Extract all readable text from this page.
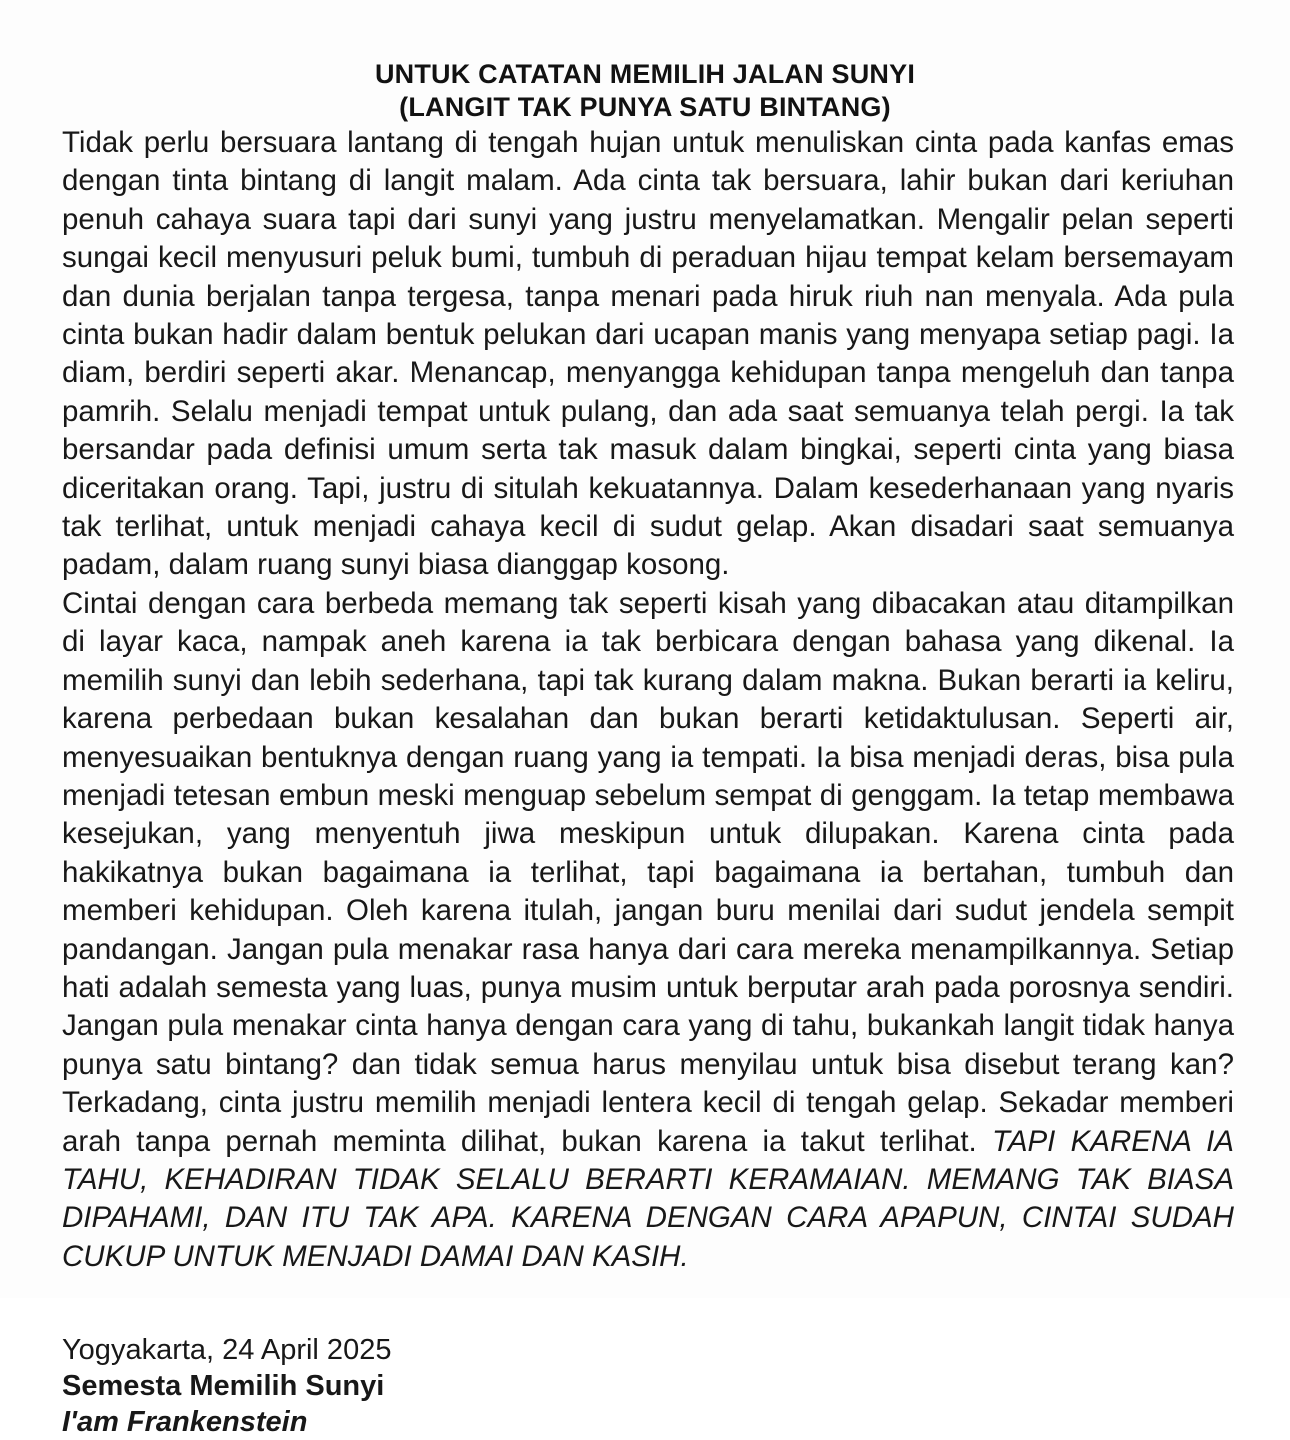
UNTUK CATATAN MEMILIH JALAN SUNYI
(LANGIT TAK PUNYA SATU BINTANG)

Tidak perlu bersuara lantang di tengah hujan untuk menuliskan cinta pada kanfas emas dengan tinta bintang di langit malam. Ada cinta tak bersuara, lahir bukan dari keriuhan penuh cahaya suara tapi dari sunyi yang justru menyelamatkan. Mengalir pelan seperti sungai kecil menyusuri peluk bumi, tumbuh di peraduan hijau tempat kelam bersemayam dan dunia berjalan tanpa tergesa, tanpa menari pada hiruk riuh nan menyala. Ada pula cinta bukan hadir dalam bentuk pelukan dari ucapan manis yang menyapa setiap pagi. Ia diam, berdiri seperti akar. Menancap, menyangga kehidupan tanpa mengeluh dan tanpa pamrih. Selalu menjadi tempat untuk pulang, dan ada saat semuanya telah pergi. Ia tak bersandar pada definisi umum serta tak masuk dalam bingkai, seperti cinta yang biasa diceritakan orang. Tapi, justru di situlah kekuatannya. Dalam kesederhanaan yang nyaris tak terlihat, untuk menjadi cahaya kecil di sudut gelap. Akan disadari saat semuanya padam, dalam ruang sunyi biasa dianggap kosong.

Cintai dengan cara berbeda memang tak seperti kisah yang dibacakan atau ditampilkan di layar kaca, nampak aneh karena ia tak berbicara dengan bahasa yang dikenal. Ia memilih sunyi dan lebih sederhana, tapi tak kurang dalam makna. Bukan berarti ia keliru, karena perbedaan bukan kesalahan dan bukan berarti ketidaktulusan. Seperti air, menyesuaikan bentuknya dengan ruang yang ia tempati. Ia bisa menjadi deras, bisa pula menjadi tetesan embun meski menguap sebelum sempat di genggam. Ia tetap membawa kesejukan, yang menyentuh jiwa meskipun untuk dilupakan. Karena cinta pada hakikatnya bukan bagaimana ia terlihat, tapi bagaimana ia bertahan, tumbuh dan memberi kehidupan. Oleh karena itulah, jangan buru menilai dari sudut jendela sempit pandangan. Jangan pula menakar rasa hanya dari cara mereka menampilkannya. Setiap hati adalah semesta yang luas, punya musim untuk berputar arah pada porosnya sendiri. Jangan pula menakar cinta hanya dengan cara yang di tahu, bukankah langit tidak hanya punya satu bintang? dan tidak semua harus menyilau untuk bisa disebut terang kan? Terkadang, cinta justru memilih menjadi lentera kecil di tengah gelap. Sekadar memberi arah tanpa pernah meminta dilihat, bukan karena ia takut terlihat. TAPI KARENA IA TAHU, KEHADIRAN TIDAK SELALU BERARTI KERAMAIAN. MEMANG TAK BIASA DIPAHAMI, DAN ITU TAK APA. KARENA DENGAN CARA APAPUN, CINTAI SUDAH CUKUP UNTUK MENJADI DAMAI DAN KASIH.

Yogyakarta, 24 April 2025
Semesta Memilih Sunyi
I'am Frankenstein
